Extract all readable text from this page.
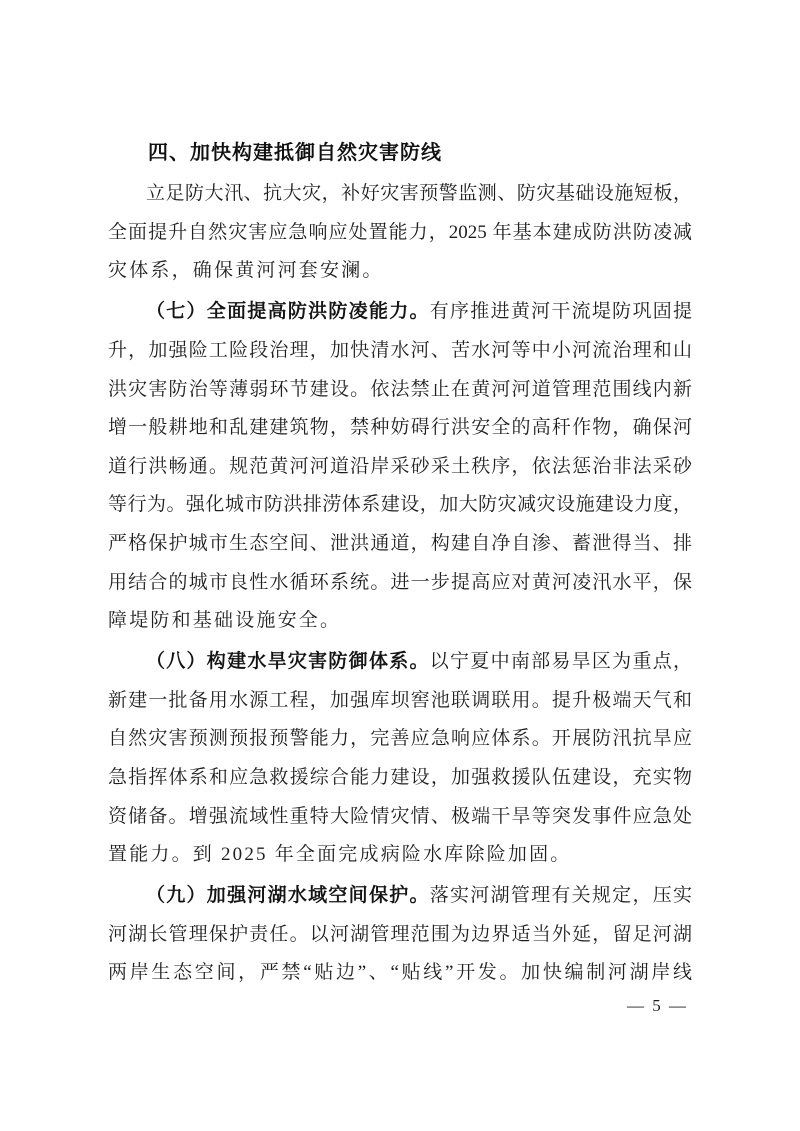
四、加快构建抵御自然灾害防线
立足防大汛、抗大灾，补好灾害预警监测、防灾基础设施短板，
全面提升自然灾害应急响应处置能力，2025 年基本建成防洪防凌减
灾体系，确保黄河河套安澜。
（七）全面提高防洪防凌能力。有序推进黄河干流堤防巩固提
升，加强险工险段治理，加快清水河、苦水河等中小河流治理和山
洪灾害防治等薄弱环节建设。依法禁止在黄河河道管理范围线内新
增一般耕地和乱建建筑物，禁种妨碍行洪安全的高秆作物，确保河
道行洪畅通。规范黄河河道沿岸采砂采土秩序，依法惩治非法采砂
等行为。强化城市防洪排涝体系建设，加大防灾减灾设施建设力度，
严格保护城市生态空间、泄洪通道，构建自净自渗、蓄泄得当、排
用结合的城市良性水循环系统。进一步提高应对黄河凌汛水平，保
障堤防和基础设施安全。
（八）构建水旱灾害防御体系。以宁夏中南部易旱区为重点，
新建一批备用水源工程，加强库坝窖池联调联用。提升极端天气和
自然灾害预测预报预警能力，完善应急响应体系。开展防汛抗旱应
急指挥体系和应急救援综合能力建设，加强救援队伍建设，充实物
资储备。增强流域性重特大险情灾情、极端干旱等突发事件应急处
置能力。到 2025 年全面完成病险水库除险加固。
（九）加强河湖水域空间保护。落实河湖管理有关规定，压实
河湖长管理保护责任。以河湖管理范围为边界适当外延，留足河湖
两岸生态空间，严禁“贴边”、“贴线”开发。加快编制河湖岸线
— 5 —
